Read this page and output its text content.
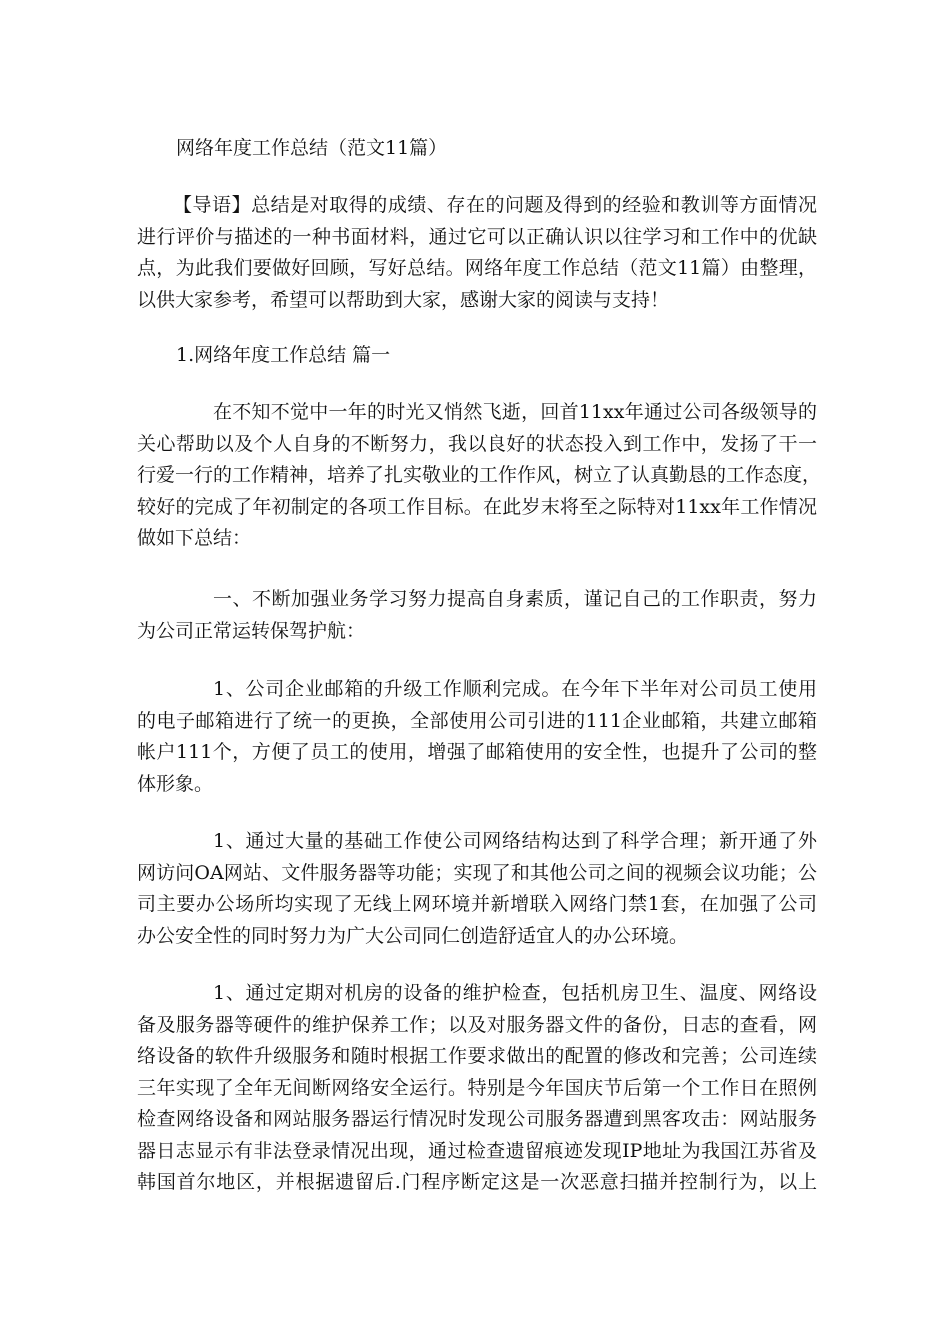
网络年度工作总结（范文11篇）
【导语】总结是对取得的成绩、存在的问题及得到的经验和教训等方面情况
进行评价与描述的一种书面材料，通过它可以正确认识以往学习和工作中的优缺
点，为此我们要做好回顾，写好总结。网络年度工作总结（范文11篇）由整理，
以供大家参考，希望可以帮助到大家，感谢大家的阅读与支持！
1.网络年度工作总结 篇一
在不知不觉中一年的时光又悄然飞逝，回首11xx年通过公司各级领导的
关心帮助以及个人自身的不断努力，我以良好的状态投入到工作中，发扬了干一
行爱一行的工作精神，培养了扎实敬业的工作作风，树立了认真勤恳的工作态度，
较好的完成了年初制定的各项工作目标。在此岁末将至之际特对11xx年工作情况
做如下总结：
一、不断加强业务学习努力提高自身素质，谨记自己的工作职责，努力
为公司正常运转保驾护航：
1、公司企业邮箱的升级工作顺利完成。在今年下半年对公司员工使用
的电子邮箱进行了统一的更换，全部使用公司引进的111企业邮箱，共建立邮箱
帐户111个，方便了员工的使用，增强了邮箱使用的安全性，也提升了公司的整
体形象。
1、通过大量的基础工作使公司网络结构达到了科学合理；新开通了外
网访问OA网站、文件服务器等功能；实现了和其他公司之间的视频会议功能；公
司主要办公场所均实现了无线上网环境并新增联入网络门禁1套，在加强了公司
办公安全性的同时努力为广大公司同仁创造舒适宜人的办公环境。
1、通过定期对机房的设备的维护检查，包括机房卫生、温度、网络设
备及服务器等硬件的维护保养工作；以及对服务器文件的备份，日志的查看，网
络设备的软件升级服务和随时根据工作要求做出的配置的修改和完善；公司连续
三年实现了全年无间断网络安全运行。特别是今年国庆节后第一个工作日在照例
检查网络设备和网站服务器运行情况时发现公司服务器遭到黑客攻击：网站服务
器日志显示有非法登录情况出现，通过检查遗留痕迹发现IP地址为我国江苏省及
韩国首尔地区，并根据遗留后.门程序断定这是一次恶意扫描并控制行为，以上
